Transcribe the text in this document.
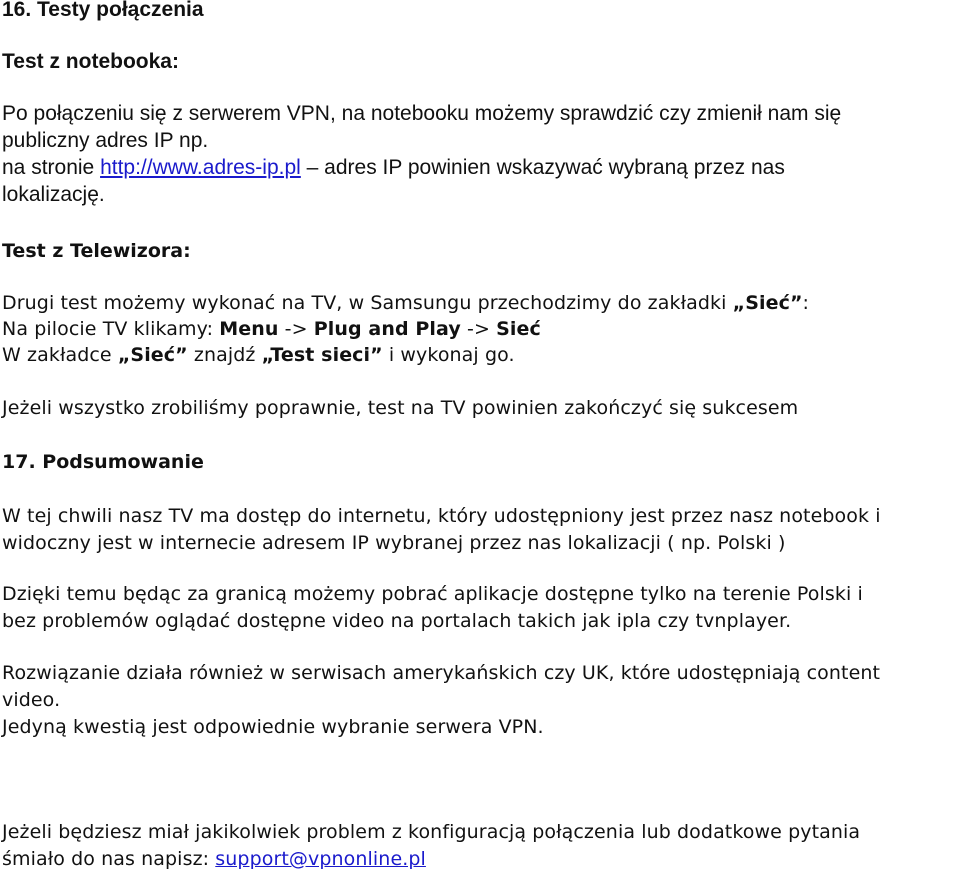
16. Testy połączenia

Test z notebooka:

Po połączeniu się z serwerem VPN, na notebooku możemy sprawdzić czy zmienił nam się

publiczny adres IP np.

na stronie http://www.adres-ip.pl – adres IP powinien wskazywać wybraną przez nas

lokalizację.

Test z Telewizora:

Drugi test możemy wykonać na TV, w Samsungu przechodzimy do zakładki „Sieć”:

Na pilocie TV klikamy: Menu -> Plug and Play -> Sieć

W zakładce „Sieć” znajdź „Test sieci” i wykonaj go.

Jeżeli wszystko zrobiliśmy poprawnie, test na TV powinien zakończyć się sukcesem

17. Podsumowanie

W tej chwili nasz TV ma dostęp do internetu, który udostępniony jest przez nasz notebook i

widoczny jest w internecie adresem IP wybranej przez nas lokalizacji ( np. Polski )

Dzięki temu będąc za granicą możemy pobrać aplikacje dostępne tylko na terenie Polski i

bez problemów oglądać dostępne video na portalach takich jak ipla czy tvnplayer.

Rozwiązanie działa również w serwisach amerykańskich czy UK, które udostępniają content

video.

Jedyną kwestią jest odpowiednie wybranie serwera VPN.

Jeżeli będziesz miał jakikolwiek problem z konfiguracją połączenia lub dodatkowe pytania

śmiało do nas napisz: support@vpnonline.pl
